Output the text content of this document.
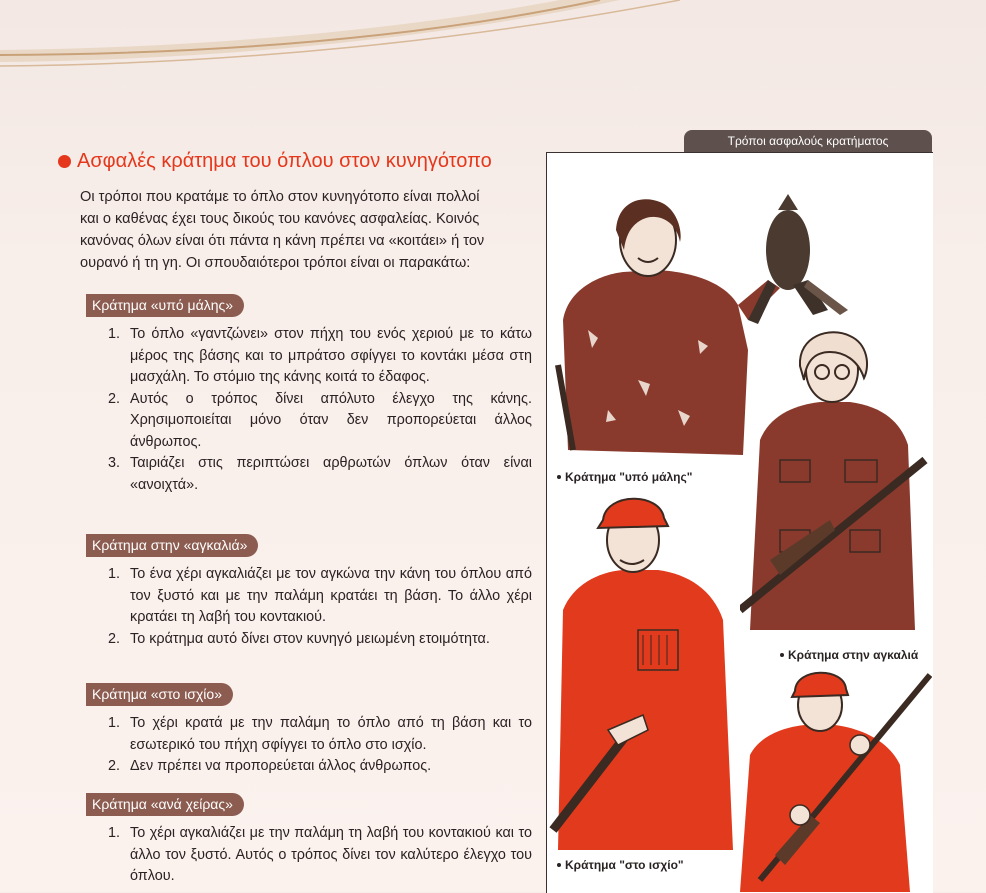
Ασφαλές κράτημα του όπλου στον κυνηγότοπο

Οι τρόποι που κρατάμε το όπλο στον κυνηγότοπο είναι πολλοί
και ο καθένας έχει τους δικούς του κανόνες ασφαλείας. Κοινός
κανόνας όλων είναι ότι πάντα η κάνη πρέπει να «κοιτάει» ή τον
ουρανό ή τη γη. Οι σπουδαιότεροι τρόποι είναι οι παρακάτω:

Κράτημα «υπό μάλης»
1. Το όπλο «γαντζώνει» στον πήχη του ενός χεριού με το κάτω μέρος της βάσης και το μπράτσο σφίγγει το κοντάκι μέσα στη μασχάλη. Το στόμιο της κάνης κοιτά το έδαφος.
2. Αυτός ο τρόπος δίνει απόλυτο έλεγχο της κάνης. Χρησιμοποιείται μόνο όταν δεν προπορεύεται άλλος άνθρωπος.
3. Ταιριάζει στις περιπτώσει αρθρωτών όπλων όταν είναι «ανοιχτά».
Κράτημα στην «αγκαλιά»
1. Το ένα χέρι αγκαλιάζει με τον αγκώνα την κάνη του όπλου από τον ξυστό και με την παλάμη κρατάει τη βάση. Το άλλο χέρι κρατάει τη λαβή του κοντακιού.
2. Το κράτημα αυτό δίνει στον κυνηγό μειωμένη ετοιμότητα.
Κράτημα «στο ισχίο»
1. Το χέρι κρατά με την παλάμη το όπλο από τη βάση και το εσωτερικό του πήχη σφίγγει το όπλο στο ισχίο.
2. Δεν πρέπει να προπορεύεται άλλος άνθρωπος.
Κράτημα «ανά χείρας»
1. Το χέρι αγκαλιάζει με την παλάμη τη λαβή του κοντακιού και το άλλο τον ξυστό. Αυτός ο τρόπος δίνει τον καλύτερο έλεγχο του όπλου.
Τρόποι ασφαλούς κρατήματος
Κράτημα "υπό μάλης"
Κράτημα στην αγκαλιά
Κράτημα "στο ισχίο"
